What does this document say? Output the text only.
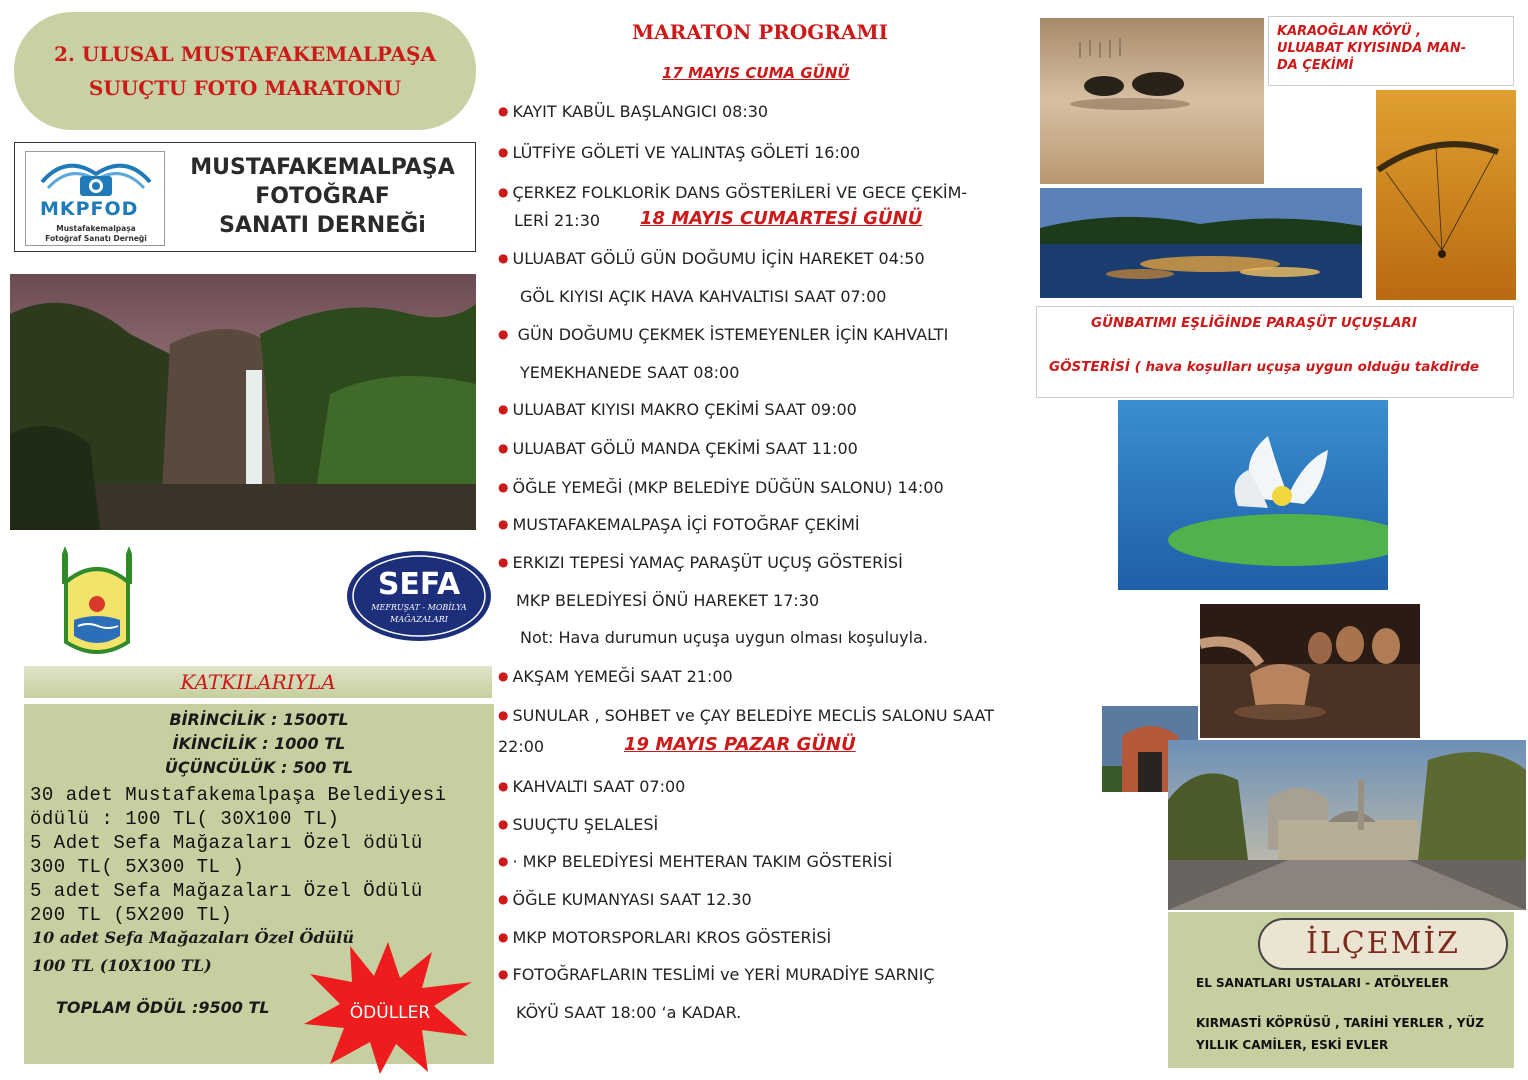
2. ULUSAL MUSTAFAKEMALPAŞA
SUUÇTU FOTO MARATONU
MKPFOD
Mustafakemalpaşa
Fotoğraf Sanatı Derneği
MUSTAFAKEMALPAŞA
FOTOĞRAF
SANATI DERNEĞi
SEFA
MEFRUŞAT - MOBİLYA
MAĞAZALARI
KATKILARIYLA
BİRİNCİLİK : 1500TL
İKİNCİLİK : 1000 TL
ÜÇÜNCÜLÜK : 500 TL
30 adet Mustafakemalpaşa Belediyesi
ödülü : 100 TL( 30X100 TL)
5 Adet Sefa Mağazaları Özel ödülü
300 TL( 5X300 TL )
5 adet Sefa Mağazaları Özel Ödülü
200 TL (5X200 TL)
10 adet Sefa Mağazaları Özel Ödülü
100 TL (10X100 TL)
TOPLAM ÖDÜL :9500 TL	ÖDÜLLER
MARATON PROGRAMI
17 MAYIS CUMA GÜNÜ
● KAYIT KABÜL BAŞLANGICI 08:30
● LÜTFİYE GÖLETİ VE YALINTAŞ GÖLETİ 16:00
● ÇERKEZ FOLKLORİK DANS GÖSTERİLERİ VE GECE ÇEKİM-
LERİ 21:30 18 MAYIS CUMARTESİ GÜNÜ
● ULUABAT GÖLÜ GÜN DOĞUMU İÇİN HAREKET 04:50
GÖL KIYISI AÇIK HAVA KAHVALTISI SAAT 07:00
● GÜN DOĞUMU ÇEKMEK İSTEMEYENLER İÇİN KAHVALTI
YEMEKHANEDE SAAT 08:00
● ULUABAT KIYISI MAKRO ÇEKİMİ SAAT 09:00
● ULUABAT GÖLÜ MANDA ÇEKİMİ SAAT 11:00
● ÖĞLE YEMEĞİ (MKP BELEDİYE DÜĞÜN SALONU) 14:00
● MUSTAFAKEMALPAŞA İÇİ FOTOĞRAF ÇEKİMİ
● ERKIZI TEPESİ YAMAÇ PARAŞÜT UÇUŞ GÖSTERİSİ
MKP BELEDİYESİ ÖNÜ HAREKET 17:30
Not: Hava durumun uçuşa uygun olması koşuluyla.
● AKŞAM YEMEĞİ SAAT 21:00
● SUNULAR , SOHBET ve ÇAY BELEDİYE MECLİS SALONU SAAT
22:00	19 MAYIS PAZAR GÜNÜ
● KAHVALTI SAAT 07:00
● SUUÇTU ŞELALESİ
● · MKP BELEDİYESİ MEHTERAN TAKIM GÖSTERİSİ
● ÖĞLE KUMANYASI SAAT 12.30
● MKP MOTORSPORLARI KROS GÖSTERİSİ
● FOTOĞRAFLARIN TESLİMİ ve YERİ MURADİYE SARNIÇ
KÖYÜ SAAT 18:00 ‘a KADAR.
KARAOĞLAN KÖYÜ ,
ULUABAT KIYISINDA MAN-
DA ÇEKİMİ
GÜNBATIMI EŞLİĞİNDE PARAŞÜT UÇUŞLARI
GÖSTERİSİ ( hava koşulları uçuşa uygun olduğu takdirde
İLÇEMİZ
EL SANATLARI USTALARI - ATÖLYELER
KIRMASTİ KÖPRÜSÜ , TARİHİ YERLER , YÜZ
YILLIK CAMİLER, ESKİ EVLER
